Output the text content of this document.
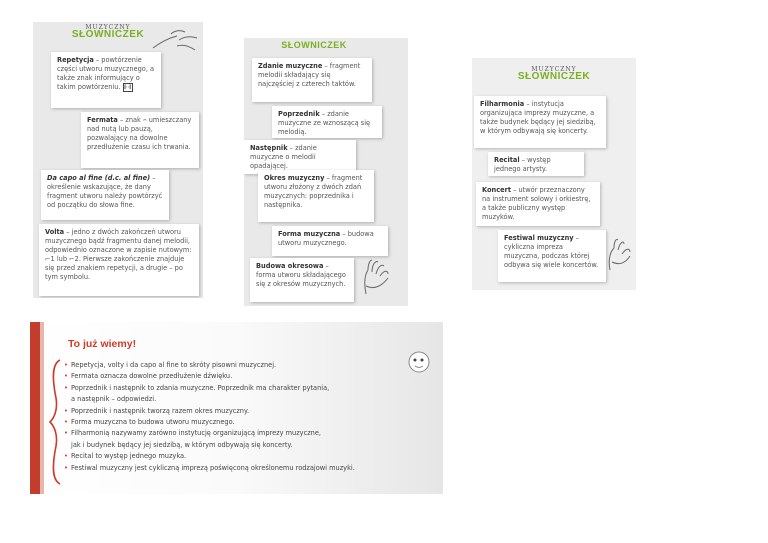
MUZYCZNY
SŁOWNICZEK
Repetycja – powtórzenie części utworu muzycznego, a także znak informujący o takim powtórzeniu. 𝄆𝄇
Fermata – znak 𝄐 umieszczany nad nutą lub pauzą, pozwalający na dowolne przedłużenie czasu ich trwania.
Da capo al fine (d.c. al fine) – określenie wskazujące, że dany fragment utworu należy powtórzyć od początku do słowa fine.
Volta – jedno z dwóch zakończeń utworu muzycznego bądź fragmentu danej melodii, odpowiednio oznaczone w zapisie nutowym: ⌐1 lub ⌐2. Pierwsze zakończenie znajduje się przed znakiem repetycji, a drugie – po tym symbolu.
SŁOWNICZEK
Zdanie muzyczne – fragment melodii składający się najczęściej z czterech taktów.
Poprzednik – zdanie muzyczne ze wznoszącą się melodią.
Następnik – zdanie muzyczne o melodii opadającej.
Okres muzyczny – fragment utworu złożony z dwóch zdań muzycznych: poprzednika i następnika.
Forma muzyczna – budowa utworu muzycznego.
Budowa okresowa – forma utworu składającego się z okresów muzycznych.
MUZYCZNY
SŁOWNICZEK
Filharmonia – instytucja organizująca imprezy muzyczne, a także budynek będący jej siedzibą, w którym odbywają się koncerty.
Recital – występ jednego artysty.
Koncert – utwór przeznaczony na instrument solowy i orkiestrę, a także publiczny występ muzyków.
Festiwal muzyczny – cykliczna impreza muzyczna, podczas której odbywa się wiele koncertów.
To już wiemy!
• Repetycja, volty i da capo al fine to skróty pisowni muzycznej.
• Fermata oznacza dowolne przedłużenie dźwięku.
• Poprzednik i następnik to zdania muzyczne. Poprzednik ma charakter pytania,
a następnik – odpowiedzi.
• Poprzednik i następnik tworzą razem okres muzyczny.
• Forma muzyczna to budowa utworu muzycznego.
• Filharmonią nazywamy zarówno instytucję organizującą imprezy muzyczne,
jak i budynek będący jej siedzibą, w którym odbywają się koncerty.
• Recital to występ jednego muzyka.
• Festiwal muzyczny jest cykliczną imprezą poświęconą określonemu rodzajowi muzyki.
